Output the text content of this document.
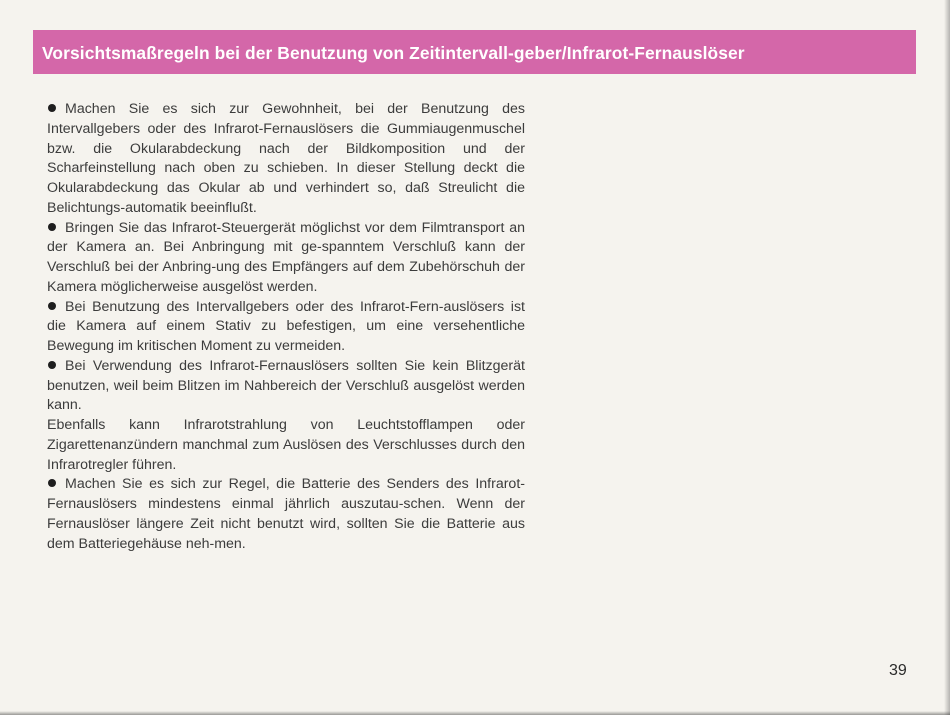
Vorsichtsmaßregeln bei der Benutzung von Zeitintervall-geber/Infrarot-Fernauslöser

Machen Sie es sich zur Gewohnheit, bei der Benutzung des Intervallgebers oder des Infrarot-Fernauslösers die Gummiaugenmuschel bzw. die Okularabdeckung nach der Bildkomposition und der Scharfeinstellung nach oben zu schieben. In dieser Stellung deckt die Okularabdeckung das Okular ab und verhindert so, daß Streulicht die Belichtungs-automatik beeinflußt.

Bringen Sie das Infrarot-Steuergerät möglichst vor dem Filmtransport an der Kamera an. Bei Anbringung mit ge-spanntem Verschluß kann der Verschluß bei der Anbring-ung des Empfängers auf dem Zubehörschuh der Kamera möglicherweise ausgelöst werden.

Bei Benutzung des Intervallgebers oder des Infrarot-Fern-auslösers ist die Kamera auf einem Stativ zu befestigen, um eine versehentliche Bewegung im kritischen Moment zu vermeiden.

Bei Verwendung des Infrarot-Fernauslösers sollten Sie kein Blitzgerät benutzen, weil beim Blitzen im Nahbereich der Verschluß ausgelöst werden kann.

Ebenfalls kann Infrarotstrahlung von Leuchtstofflampen oder Zigarettenanzündern manchmal zum Auslösen des Verschlusses durch den Infrarotregler führen.

Machen Sie es sich zur Regel, die Batterie des Senders des Infrarot-Fernauslösers mindestens einmal jährlich auszutau-schen. Wenn der Fernauslöser längere Zeit nicht benutzt wird, sollten Sie die Batterie aus dem Batteriegehäuse neh-men.

39
